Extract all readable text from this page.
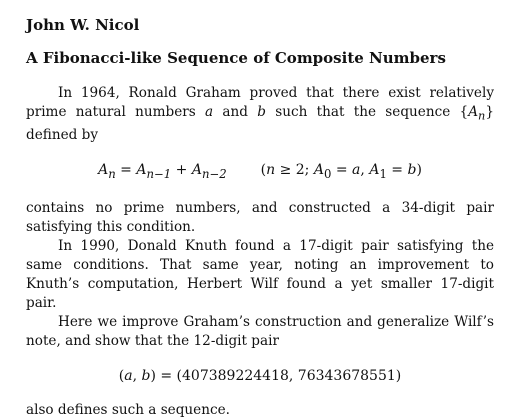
John W. Nicol

A Fibonacci-like Sequence of Composite Numbers

In 1964, Ronald Graham proved that there exist relatively prime natural numbers a and b such that the sequence $\{A_n\}$ defined by

$A_n = A_{n-1} + A_{n-2}$ (n ≥ 2; $A_0 = a$, $A_1 = b$)

contains no prime numbers, and constructed a 34-digit pair satisfying this condition.

In 1990, Donald Knuth found a 17-digit pair satisfying the same conditions. That same year, noting an improvement to Knuth’s computation, Herbert Wilf found a yet smaller 17-digit pair.

Here we improve Graham’s construction and generalize Wilf’s note, and show that the 12-digit pair

(a, b) = (407389224418, 76343678551)

also defines such a sequence.
